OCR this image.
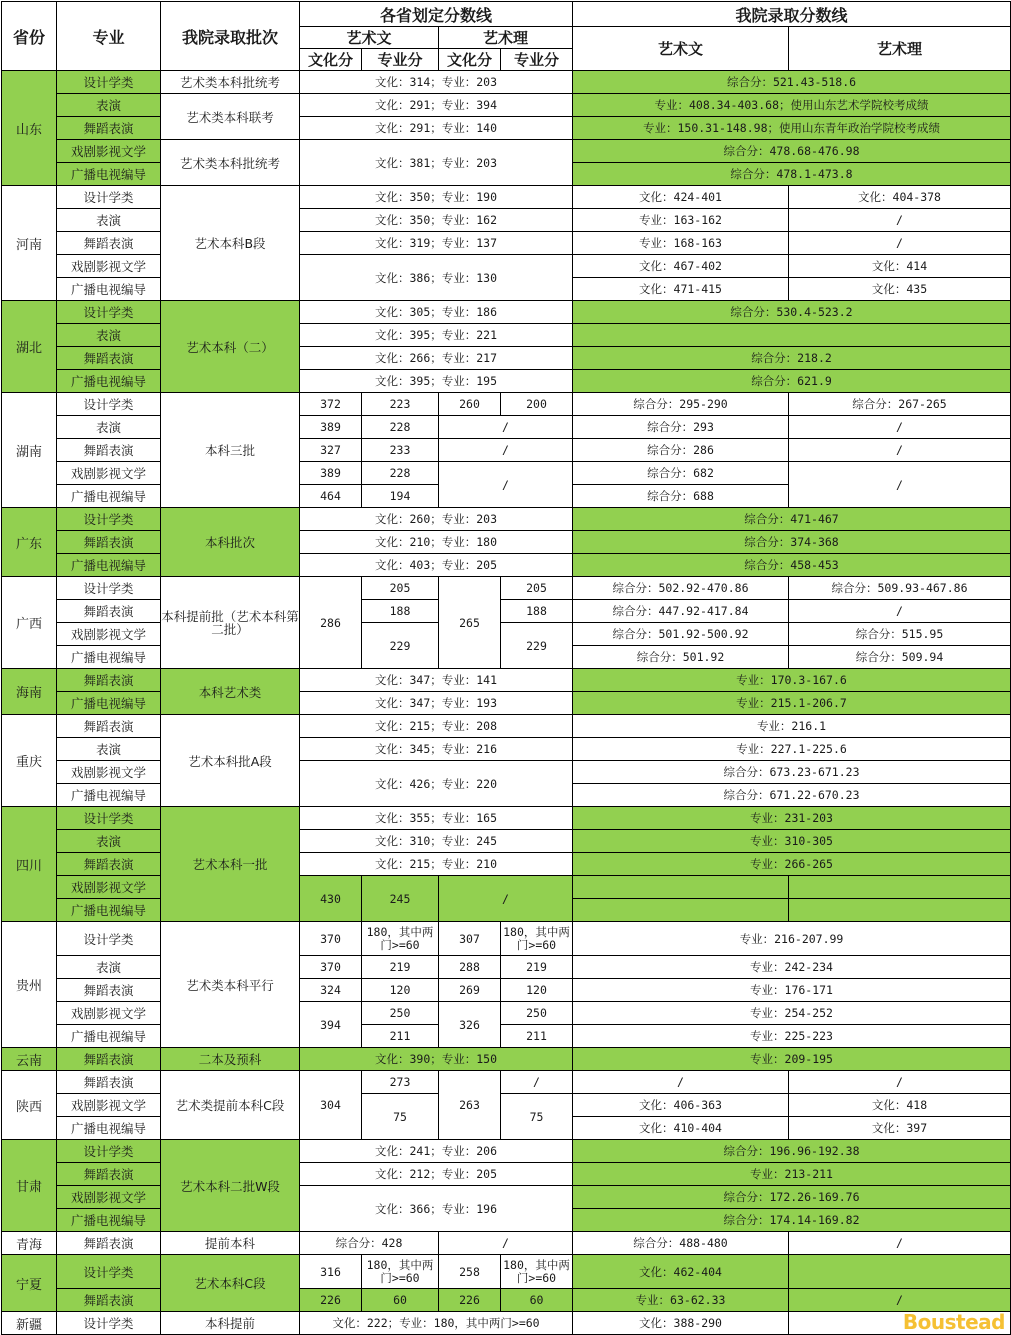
省份	专业	我院录取批次	各省划定分数线				我院录取分数线	
			艺术文		艺术理		艺术文	艺术理
			文化分	专业分	文化分	专业分		
山东	设计学类	艺术类本科批统考	文化：314；专业：203				综合分：521.43-518.6	
	表演	艺术类本科联考	文化：291；专业：394				专业：408.34-403.68；使用山东艺术学院校考成绩	
	舞蹈表演		文化：291；专业：140				专业：150.31-148.98；使用山东青年政治学院校考成绩	
	戏剧影视文学	艺术类本科批统考	文化：381；专业：203				综合分：478.68-476.98	
	广播电视编导						综合分：478.1-473.8	
河南	设计学类	艺术本科B段	文化：350；专业：190				文化：424-401	文化：404-378
	表演		文化：350；专业：162				专业：163-162	/
	舞蹈表演		文化：319；专业：137				专业：168-163	/
	戏剧影视文学		文化：386；专业：130				文化：467-402	文化：414
	广播电视编导						文化：471-415	文化：435
湖北	设计学类	艺术本科（二）	文化：305；专业：186				综合分：530.4-523.2	
	表演		文化：395；专业：221					
	舞蹈表演		文化：266；专业：217				综合分：218.2	
	广播电视编导		文化：395；专业：195				综合分：621.9	
湖南	设计学类	本科三批	372	223	260	200	综合分：295-290	综合分：267-265
	表演		389	228	/		综合分：293	/
	舞蹈表演		327	233	/		综合分：286	/
	戏剧影视文学		389	228	/		综合分：682	/
	广播电视编导		464	194			综合分：688	
广东	设计学类	本科批次	文化：260；专业：203				综合分：471-467	
	舞蹈表演		文化：210；专业：180				综合分：374-368	
	广播电视编导		文化：403；专业：205				综合分：458-453	
广西	设计学类	本科提前批（艺术本科第二批）	286	205	265	205	综合分：502.92-470.86	综合分：509.93-467.86
	舞蹈表演			188		188	综合分：447.92-417.84	/
	戏剧影视文学			229		229	综合分：501.92-500.92	综合分：515.95
	广播电视编导						综合分：501.92	综合分：509.94
海南	舞蹈表演	本科艺术类	文化：347；专业：141				专业：170.3-167.6	
	广播电视编导		文化：347；专业：193				专业：215.1-206.7	
重庆	舞蹈表演	艺术本科批A段	文化：215；专业：208				专业：216.1	
	表演		文化：345；专业：216				专业：227.1-225.6	
	戏剧影视文学		文化：426；专业：220				综合分：673.23-671.23	
	广播电视编导						综合分：671.22-670.23	
四川	设计学类	艺术本科一批	文化：355；专业：165				专业：231-203	
	表演		文化：310；专业：245				专业：310-305	
	舞蹈表演		文化：215；专业：210				专业：266-265	
	戏剧影视文学		430	245	/			
	广播电视编导							
贵州	设计学类	艺术类本科平行	370	180，其中两门>=60	307	180，其中两门>=60	专业：216-207.99	
	表演		370	219	288	219	专业：242-234	
	舞蹈表演		324	120	269	120	专业：176-171	
	戏剧影视文学		394	250	326	250	专业：254-252	
	广播电视编导			211		211	专业：225-223	
云南	舞蹈表演	二本及预科	文化：390；专业：150				专业：209-195	
陕西	舞蹈表演	艺术类提前本科C段	304	273	263	/	/	/
	戏剧影视文学			75		75	文化：406-363	文化：418
	广播电视编导						文化：410-404	文化：397
甘肃	设计学类	艺术本科二批W段	文化：241；专业：206				综合分：196.96-192.38	
	舞蹈表演		文化：212；专业：205				专业：213-211	
	戏剧影视文学		文化：366；专业：196				综合分：172.26-169.76	
	广播电视编导						综合分：174.14-169.82	
青海	舞蹈表演	提前本科	综合分：428		/		综合分：488-480	/
宁夏	设计学类	艺术本科C段	316	180，其中两门>=60	258	180，其中两门>=60	文化：462-404	
	舞蹈表演		226	60	226	60	专业：63-62.33	/
新疆	设计学类	本科提前	文化：222；专业：180，其中两门>=60				文化：388-290		Boustead
